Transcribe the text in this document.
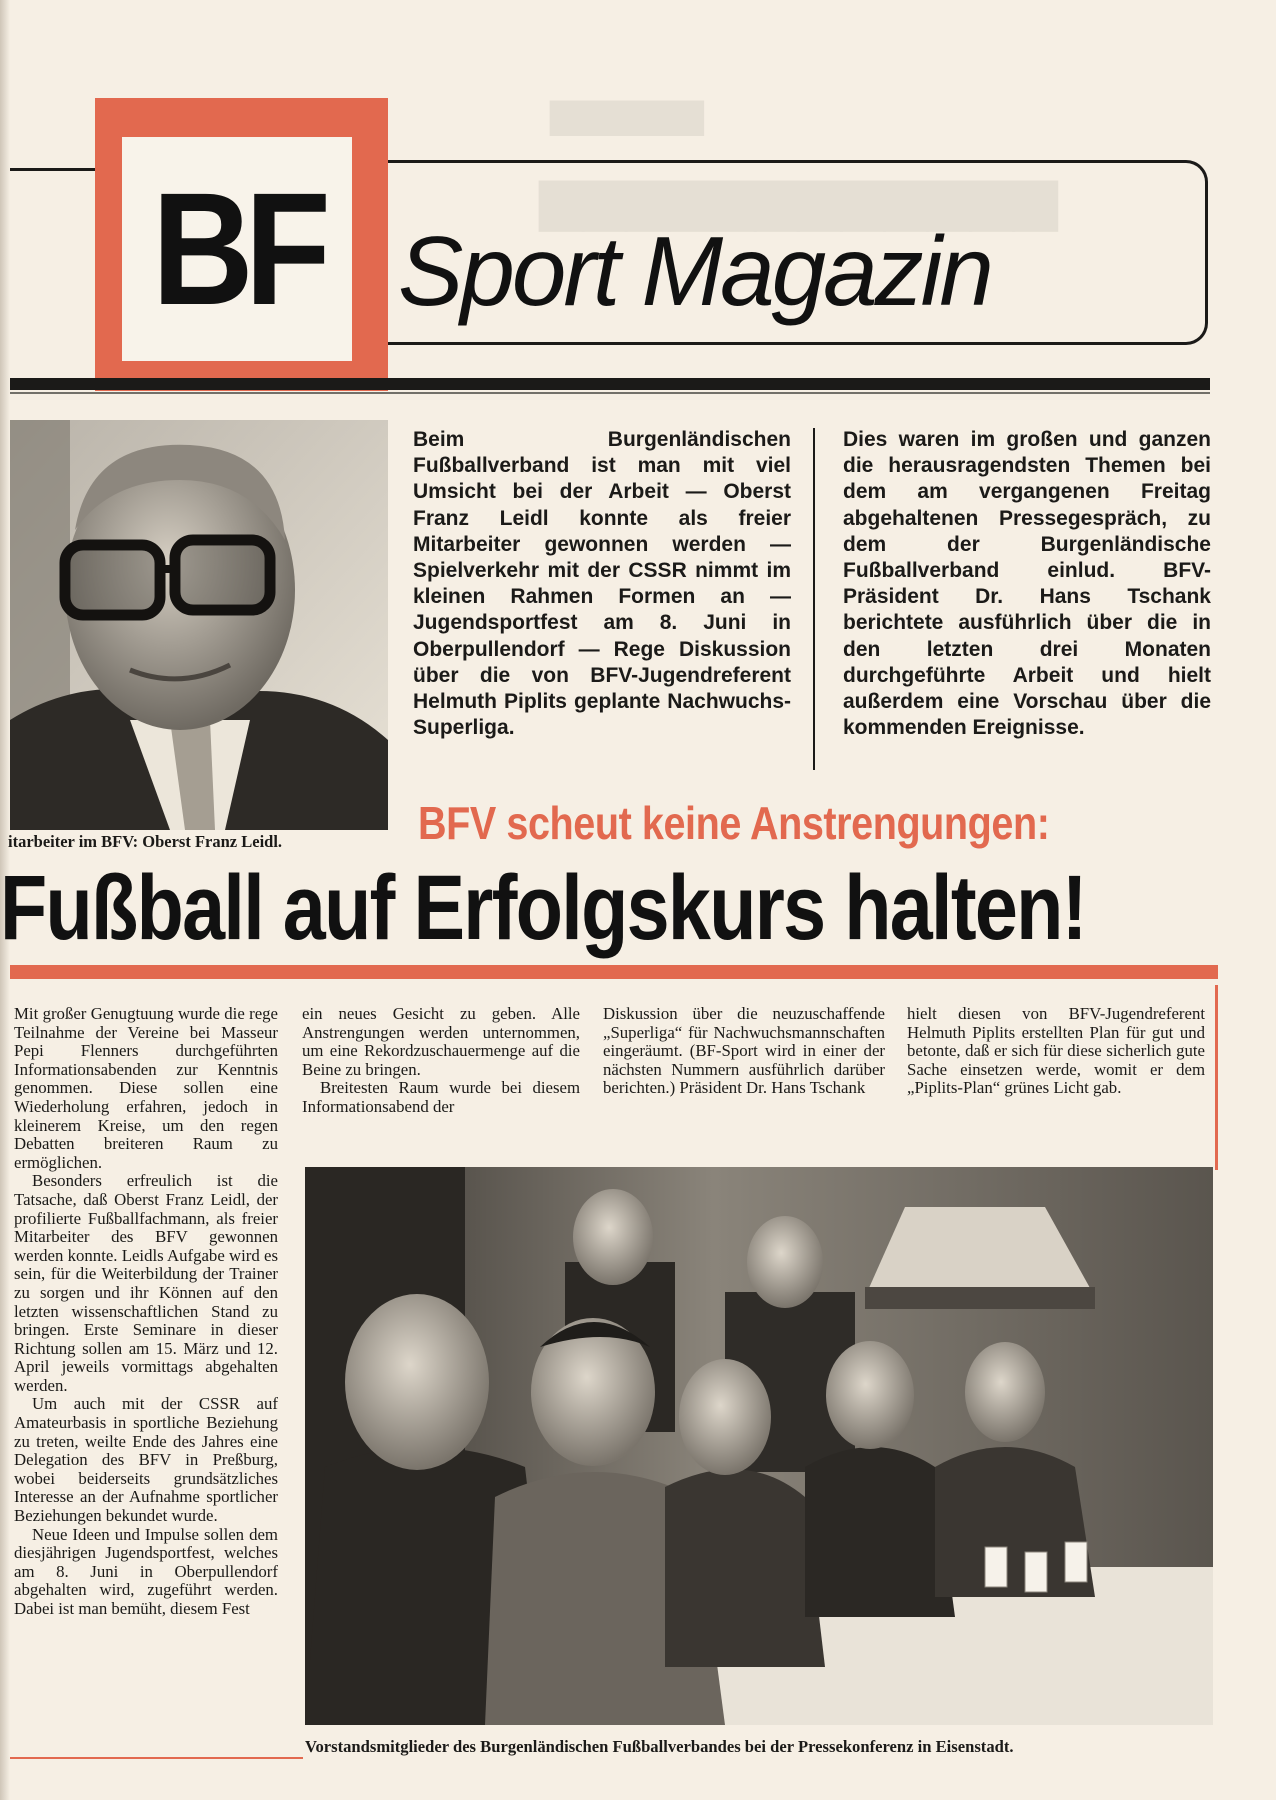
▆▆▆▆▆
▆▆▆▆▆▆▆▆▆▆▆▆
BF Sport Magazin
itarbeiter im BFV: Oberst Franz Leidl.
Beim Burgenländischen Fußballverband ist man mit viel Umsicht bei der Arbeit — Oberst Franz Leidl konnte als freier Mitarbeiter gewonnen werden — Spielverkehr mit der CSSR nimmt im kleinen Rahmen Formen an — Jugendsportfest am 8. Juni in Oberpullendorf — Rege Diskussion über die von BFV-Jugendreferent Helmuth Piplits geplante Nachwuchs-Superliga.
Dies waren im großen und ganzen die herausragendsten Themen bei dem am vergangenen Freitag abgehaltenen Pressegespräch, zu dem der Burgenländische Fußballverband einlud. BFV-Präsident Dr. Hans Tschank berichtete ausführlich über die in den letzten drei Monaten durchgeführte Arbeit und hielt außerdem eine Vorschau über die kommenden Ereignisse.
BFV scheut keine Anstrengungen:
Fußball auf Erfolgskurs halten!

Mit großer Genugtuung wurde die rege Teilnahme der Vereine bei Masseur Pepi Flenners durchgeführten Informationsabenden zur Kenntnis genommen. Diese sollen eine Wiederholung erfahren, jedoch in kleinerem Kreise, um den regen Debatten breiteren Raum zu ermöglichen.

Besonders erfreulich ist die Tatsache, daß Oberst Franz Leidl, der profilierte Fußballfachmann, als freier Mitarbeiter des BFV gewonnen werden konnte. Leidls Aufgabe wird es sein, für die Weiterbildung der Trainer zu sorgen und ihr Können auf den letzten wissenschaftlichen Stand zu bringen. Erste Seminare in dieser Richtung sollen am 15. März und 12. April jeweils vormittags abgehalten werden.

Um auch mit der CSSR auf Amateurbasis in sportliche Beziehung zu treten, weilte Ende des Jahres eine Delegation des BFV in Preßburg, wobei beiderseits grundsätzliches Interesse an der Aufnahme sportlicher Beziehungen bekundet wurde.

Neue Ideen und Impulse sollen dem diesjährigen Jugendsportfest, welches am 8. Juni in Oberpullendorf abgehalten wird, zugeführt werden. Dabei ist man bemüht, diesem Fest

ein neues Gesicht zu geben. Alle Anstrengungen werden unternommen, um eine Rekordzuschauermenge auf die Beine zu bringen.

Breitesten Raum wurde bei diesem Informationsabend der

Diskussion über die neuzuschaffende „Superliga“ für Nachwuchsmannschaften eingeräumt. (BF-Sport wird in einer der nächsten Nummern ausführlich darüber berichten.) Präsident Dr. Hans Tschank

hielt diesen von BFV-Jugendreferent Helmuth Piplits erstellten Plan für gut und betonte, daß er sich für diese sicherlich gute Sache einsetzen werde, womit er dem „Piplits-Plan“ grünes Licht gab.

Vorstandsmitglieder des Burgenländischen Fußballverbandes bei der Pressekonferenz in Eisenstadt.
